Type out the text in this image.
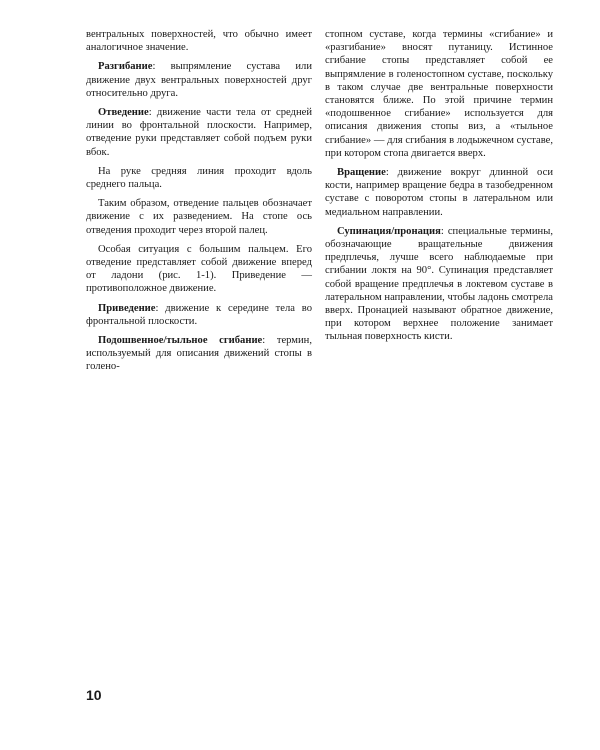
вентральных поверхностей, что обычно имеет аналогичное значение.

Разгибание: выпрямление сустава или движение двух вентральных поверхностей друг относительно друга.

Отведение: движение части тела от средней линии во фронтальной плоскости. Например, отведение руки представляет собой подъем руки вбок.

На руке средняя линия проходит вдоль среднего пальца.

Таким образом, отведение пальцев обозначает движение с их разведением. На стопе ось отведения проходит через второй палец.

Особая ситуация с большим пальцем. Его отведение представляет собой движение вперед от ладони (рис. 1-1). Приведение — противоположное движение.

Приведение: движение к середине тела во фронтальной плоскости.

Подошвенное/тыльное сгибание: термин, используемый для описания движений стопы в голено-

стопном суставе, когда термины «сгибание» и «разгибание» вносят путаницу. Истинное сгибание стопы представляет собой ее выпрямление в голеностопном суставе, поскольку в таком случае две вентральные поверхности становятся ближе. По этой причине термин «подошвенное сгибание» используется для описания движения стопы виз, а «тыльное сгибание» — для сгибания в лодыжечном суставе, при котором стопа двигается вверх.

Вращение: движение вокруг длинной оси кости, например вращение бедра в тазобедренном суставе с поворотом стопы в латеральном или медиальном направлении.

Супинация/пронация: специальные термины, обозначающие вращательные движения предплечья, лучше всего наблюдаемые при сгибании локтя на 90°. Супинация представляет собой вращение предплечья в локтевом суставе в латеральном направлении, чтобы ладонь смотрела вверх. Пронацией называют обратное движение, при котором верхнее положение занимает тыльная поверхность кисти.

10
